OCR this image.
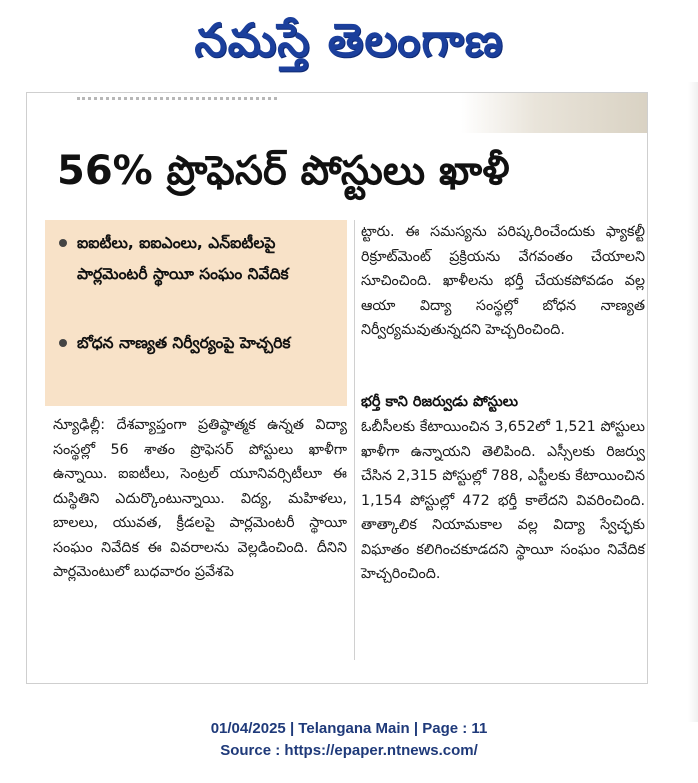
నమస్తే తెలంగాణ
56% ప్రొఫెసర్ పోస్టులు ఖాళీ
ఐఐటీలు, ఐఐఎంలు, ఎన్ఐటీలపై పార్లమెంటరీ స్థాయీ సంఘం నివేదిక
బోధన నాణ్యత నిర్వీర్యంపై హెచ్చరిక
న్యూఢిల్లీ: దేశవ్యాప్తంగా ప్రతిష్ఠాత్మక ఉన్నత విద్యా సంస్థల్లో 56 శాతం ప్రొఫెసర్ పోస్టులు ఖాళీగా ఉన్నాయి. ఐఐటీలు, సెంట్రల్ యూనివర్సిటీలూ ఈ దుస్థితిని ఎదుర్కొంటున్నాయి. విద్య, మహిళలు, బాలలు, యువత, క్రీడలపై పార్లమెంటరీ స్థాయీ సంఘం నివేదిక ఈ వివరాలను వెల్లడించింది. దీనిని పార్లమెంటులో బుధవారం ప్రవేశపె
ట్టారు. ఈ సమస్యను పరిష్కరించేందుకు ఫ్యాకల్టీ రిక్రూట్‌మెంట్ ప్రక్రియను వేగవంతం చేయాలని సూచించింది. ఖాళీలను భర్తీ చేయకపోవడం వల్ల ఆయా విద్యా సంస్థల్లో బోధన నాణ్యత నిర్వీర్యమవుతున్నదని హెచ్చరించింది.
భర్తీ కాని రిజర్వుడు పోస్టులు
ఓబీసీలకు కేటాయించిన 3,652లో 1,521 పోస్టులు ఖాళీగా ఉన్నాయని తెలిపింది. ఎస్సీలకు రిజర్వు చేసిన 2,315 పోస్టుల్లో 788, ఎస్టీలకు కేటాయించిన 1,154 పోస్టుల్లో 472 భర్తీ కాలేదని వివరించింది. తాత్కాలిక నియామకాల వల్ల విద్యా స్వేచ్ఛకు విఘాతం కలిగించకూడదని స్థాయీ సంఘం నివేదిక హెచ్చరించింది.
01/04/2025 | Telangana Main | Page : 11
Source : https://epaper.ntnews.com/
